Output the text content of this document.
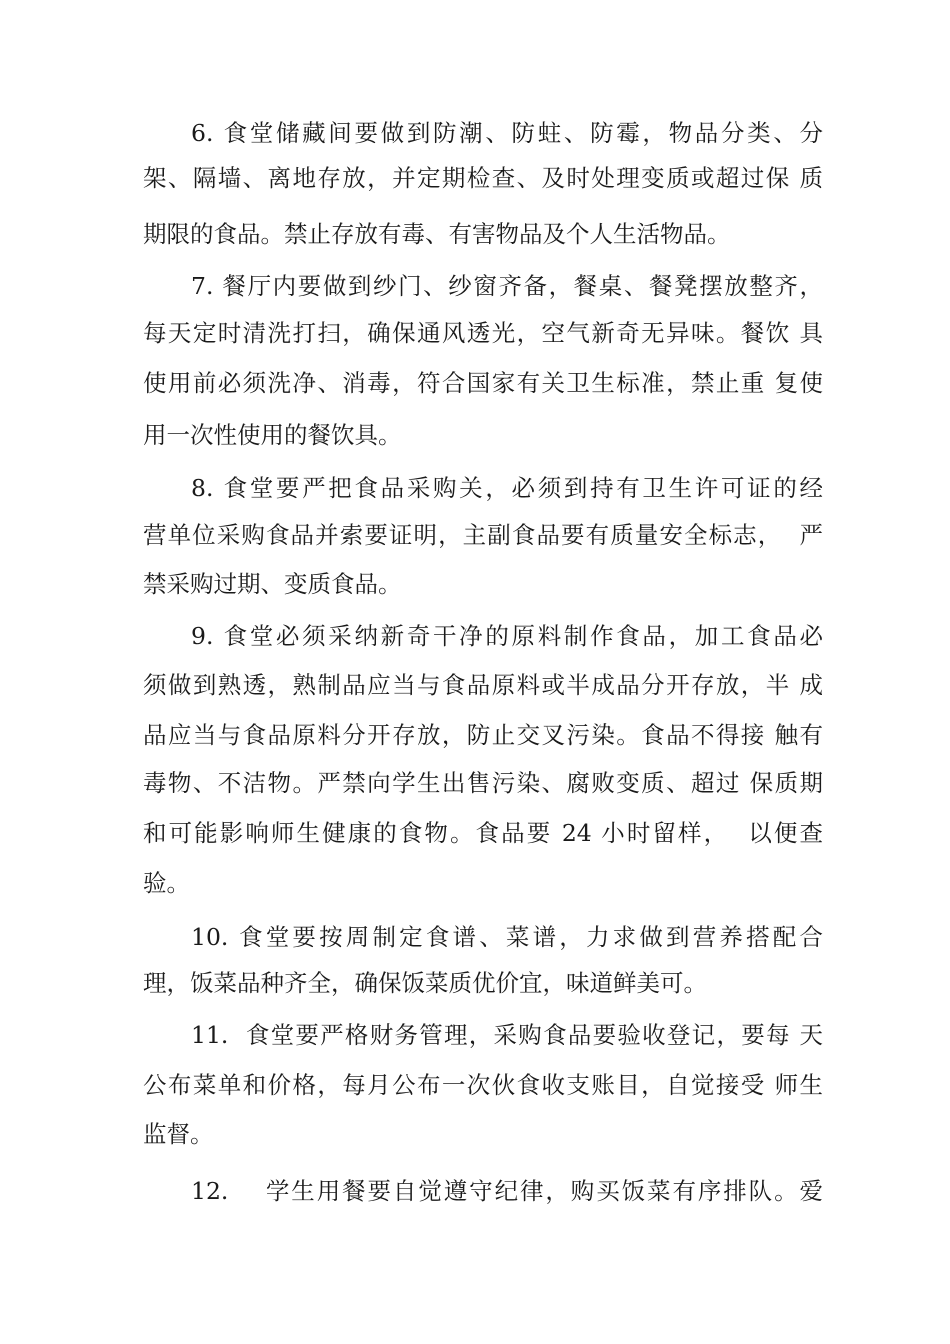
6. 食堂储藏间要做到防潮、防蛀、防霉，物品分类、分
架、隔墙、离地存放，并定期检查、及时处理变质或超过保 质
期限的食品。禁止存放有毒、有害物品及个人生活物品。
7. 餐厅内要做到纱门、纱窗齐备，餐桌、餐凳摆放整齐，
每天定时清洗打扫，确保通风透光，空气新奇无异味。餐饮 具
使用前必须洗净、消毒，符合国家有关卫生标准，禁止重 复使
用一次性使用的餐饮具。
8. 食堂要严把食品采购关，必须到持有卫生许可证的经
营单位采购食品并索要证明，主副食品要有质量安全标志，  严
禁采购过期、变质食品。
9. 食堂必须采纳新奇干净的原料制作食品，加工食品必
须做到熟透，熟制品应当与食品原料或半成品分开存放，半 成
品应当与食品原料分开存放，防止交叉污染。食品不得接 触有
毒物、不洁物。严禁向学生出售污染、腐败变质、超过 保质期
和可能影响师生健康的食物。食品要 24 小时留样，  以便查
验。
10. 食堂要按周制定食谱、菜谱，力求做到营养搭配合
理，饭菜品种齐全，确保饭菜质优价宜，味道鲜美可。
11.  食堂要严格财务管理，采购食品要验收登记，要每 天
公布菜单和价格，每月公布一次伙食收支账目，自觉接受 师生
监督。
12.    学生用餐要自觉遵守纪律，购买饭菜有序排队。爱
